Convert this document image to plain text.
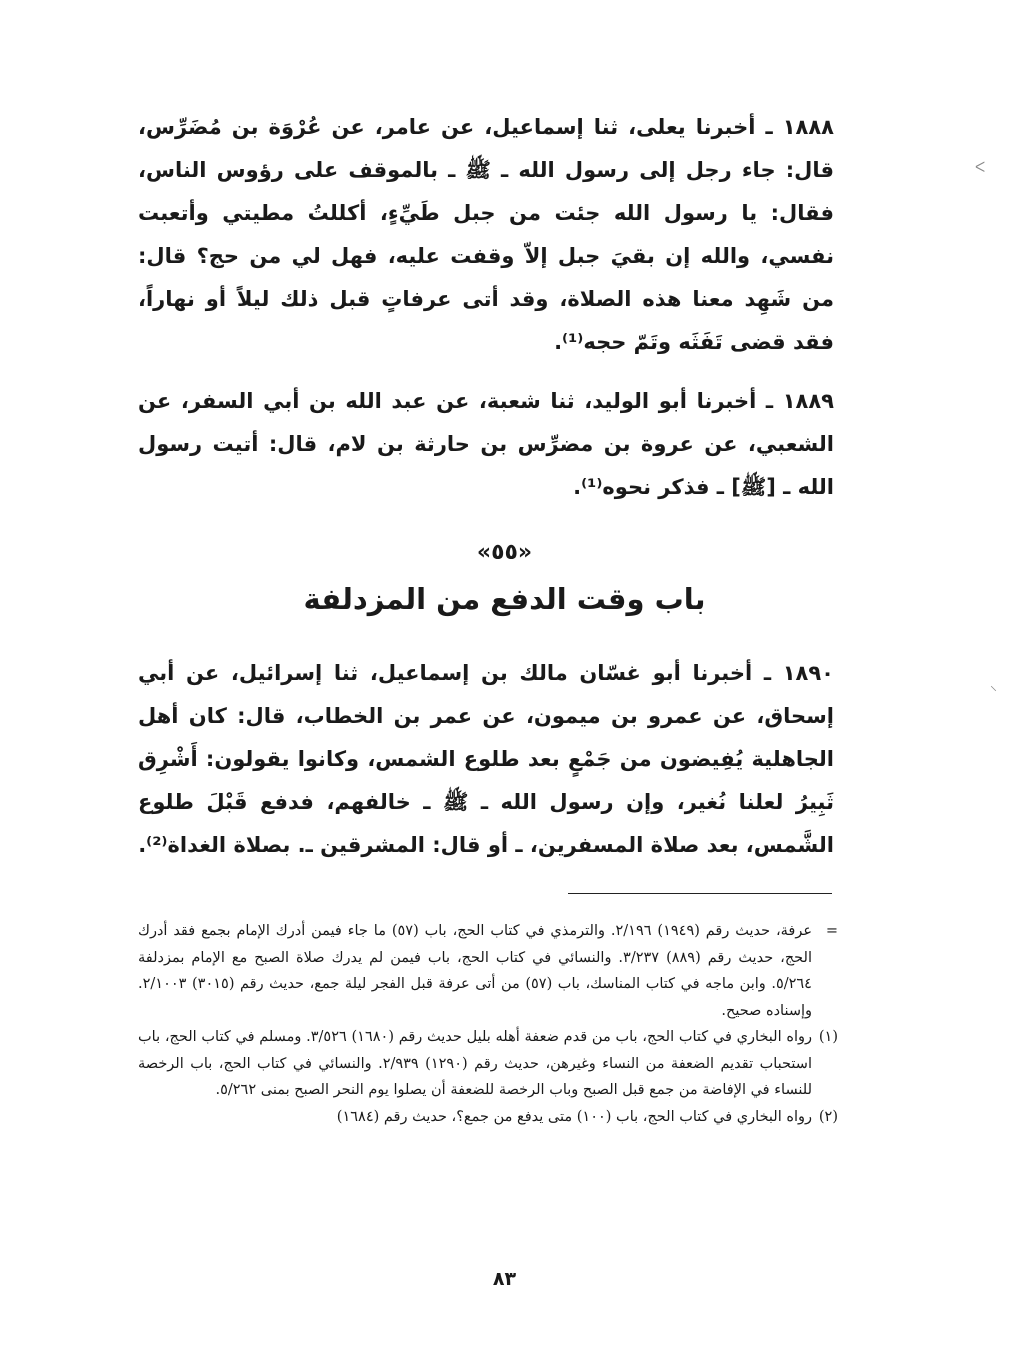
١٨٨٨ ـ أخبرنا يعلى، ثنا إسماعيل، عن عامر، عن عُرْوَة بن مُضَرِّس، قال: جاء رجل إلى رسول الله ـ ﷺ ـ بالموقف على رؤوس الناس، فقال: يا رسول الله جئت من جبل طَيِّءٍ، أكللتُ مطيتي وأتعبت نفسي، والله إن بقيَ جبل إلاّ وقفت عليه، فهل لي من حج؟ قال: من شَهِد معنا هذه الصلاة، وقد أتى عرفاتٍ قبل ذلك ليلاً أو نهاراً، فقد قضى تَفَثَه وتَمّ حجه⁽¹⁾.

١٨٨٩ ـ أخبرنا أبو الوليد، ثنا شعبة، عن عبد الله بن أبي السفر، عن الشعبي، عن عروة بن مضرِّس بن حارثة بن لام، قال: أتيت رسول الله ـ [ﷺ] ـ فذكر نحوه⁽¹⁾.

«٥٥»
باب وقت الدفع من المزدلفة

١٨٩٠ ـ أخبرنا أبو غسّان مالك بن إسماعيل، ثنا إسرائيل، عن أبي إسحاق، عن عمرو بن ميمون، عن عمر بن الخطاب، قال: كان أهل الجاهلية يُفِيضون من جَمْعٍ بعد طلوع الشمس، وكانوا يقولون: أَشْرِق ثَبِيرُ لعلنا نُغير، وإن رسول الله ـ ﷺ ـ خالفهم، فدفع قَبْلَ طلوع الشَّمس، بعد صلاة المسفرين، ـ أو قال: المشرقين ـ. بصلاة الغداة⁽²⁾.

=
عرفة، حديث رقم (١٩٤٩) ٢/١٩٦. والترمذي في كتاب الحج، باب (٥٧) ما جاء فيمن أدرك الإمام بجمع فقد أدرك الحج، حديث رقم (٨٨٩) ٣/٢٣٧. والنسائي في كتاب الحج، باب فيمن لم يدرك صلاة الصبح مع الإمام بمزدلفة ٥/٢٦٤. وابن ماجه في كتاب المناسك، باب (٥٧) من أتى عرفة قبل الفجر ليلة جمع، حديث رقم (٣٠١٥) ٢/١٠٠٣. وإسناده صحيح.
(١)
رواه البخاري في كتاب الحج، باب من قدم ضعفة أهله بليل حديث رقم (١٦٨٠) ٣/٥٢٦. ومسلم في كتاب الحج، باب استحباب تقديم الضعفة من النساء وغيرهن، حديث رقم (١٢٩٠) ٢/٩٣٩. والنسائي في كتاب الحج، باب الرخصة للنساء في الإفاضة من جمع قبل الصبح وباب الرخصة للضعفة أن يصلوا يوم النحر الصبح بمنى ٥/٢٦٢.
(٢)
رواه البخاري في كتاب الحج، باب (١٠٠) متى يدفع من جمع؟، حديث رقم (١٦٨٤)
٨٣
ᐸ
⸝
